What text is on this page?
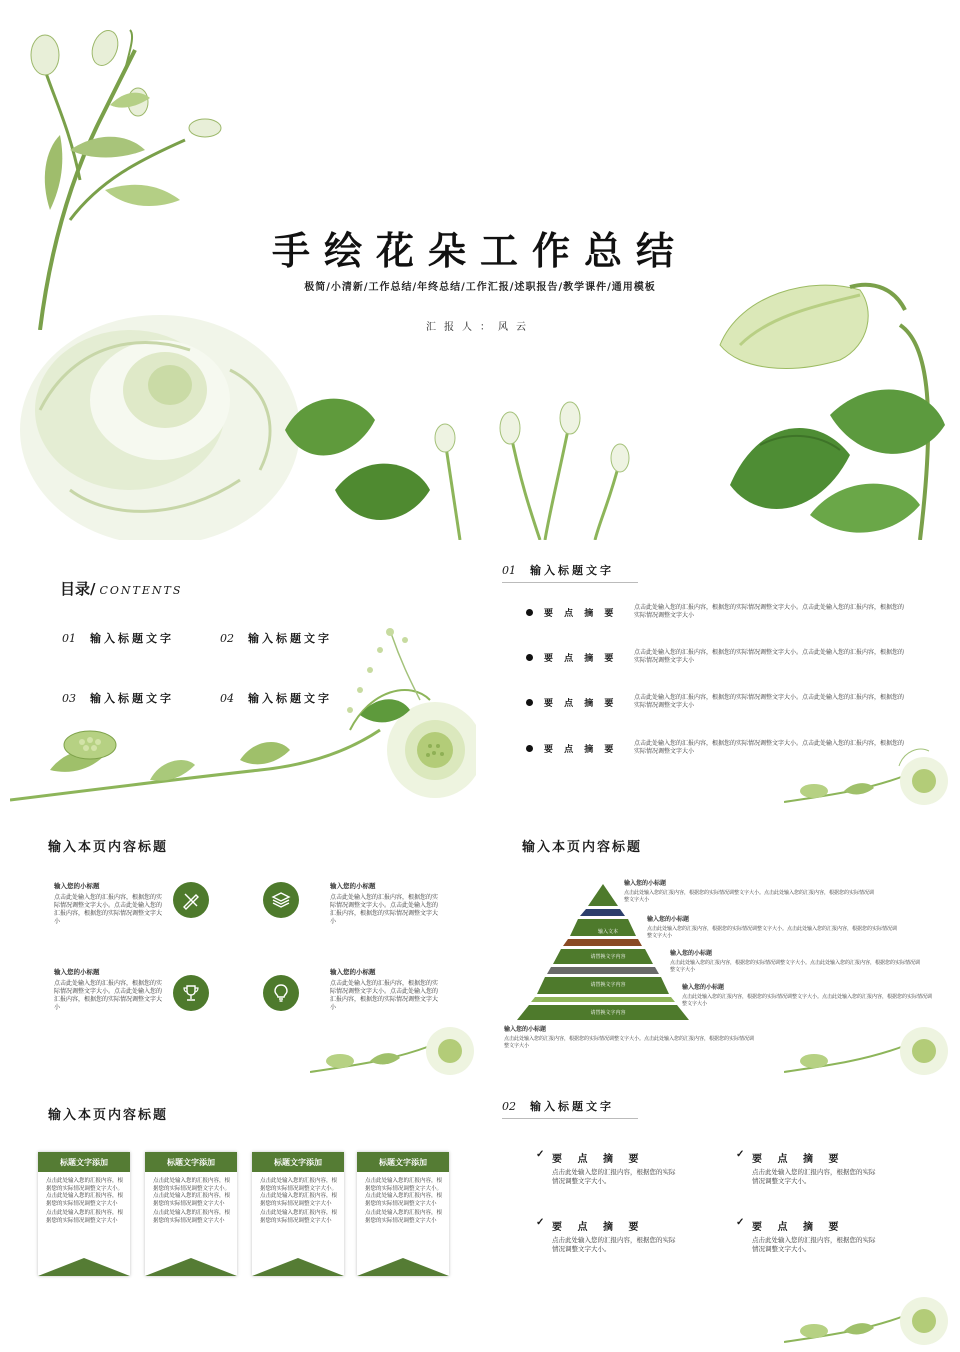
手绘花朵工作总结
极简/小清新/工作总结/年终总结/工作汇报/述职报告/教学课件/通用模板
汇报人：风云
目录/ CONTENTS
01 输入标题文字	02 输入标题文字
03 输入标题文字	04 输入标题文字
01 输入标题文字
要 点 摘 要
点击此处输入您的汇报内容，根据您的实际情况调整文字大小。点击此处输入您的汇报内容，根据您的实际情况调整文字大小
要 点 摘 要
点击此处输入您的汇报内容，根据您的实际情况调整文字大小。点击此处输入您的汇报内容，根据您的实际情况调整文字大小
要 点 摘 要
点击此处输入您的汇报内容，根据您的实际情况调整文字大小。点击此处输入您的汇报内容，根据您的实际情况调整文字大小
要 点 摘 要
点击此处输入您的汇报内容，根据您的实际情况调整文字大小。点击此处输入您的汇报内容，根据您的实际情况调整文字大小
输入本页内容标题
输入您的小标题
点击此处输入您的汇报内容，根据您的实际情况调整文字大小。点击此处输入您的汇报内容，根据您的实际情况调整文字大小
输入您的小标题
点击此处输入您的汇报内容，根据您的实际情况调整文字大小。点击此处输入您的汇报内容，根据您的实际情况调整文字大小
输入您的小标题
点击此处输入您的汇报内容，根据您的实际情况调整文字大小。点击此处输入您的汇报内容，根据您的实际情况调整文字大小
输入您的小标题
点击此处输入您的汇报内容，根据您的实际情况调整文字大小。点击此处输入您的汇报内容，根据您的实际情况调整文字大小
输入本页内容标题
输入文本
请替换文字内容
请替换文字内容
请替换文字内容
输入您的小标题
点击此处输入您的汇报内容，根据您的实际情况调整文字大小。点击此处输入您的汇报内容，根据您的实际情况调整文字大小
输入您的小标题
点击此处输入您的汇报内容，根据您的实际情况调整文字大小。点击此处输入您的汇报内容，根据您的实际情况调整文字大小
输入您的小标题
点击此处输入您的汇报内容，根据您的实际情况调整文字大小。点击此处输入您的汇报内容，根据您的实际情况调整文字大小
输入您的小标题
点击此处输入您的汇报内容，根据您的实际情况调整文字大小。点击此处输入您的汇报内容，根据您的实际情况调整文字大小
输入您的小标题
点击此处输入您的汇报内容，根据您的实际情况调整文字大小。点击此处输入您的汇报内容，根据您的实际情况调整文字大小
输入本页内容标题
标题文字添加
点击此处输入您的汇报内容，根据您的实际情况调整文字大小。点击此处输入您的汇报内容，根据您的实际情况调整文字大小
点击此处输入您的汇报内容，根据您的实际情况调整文字大小
标题文字添加
点击此处输入您的汇报内容，根据您的实际情况调整文字大小。点击此处输入您的汇报内容，根据您的实际情况调整文字大小
点击此处输入您的汇报内容，根据您的实际情况调整文字大小
标题文字添加
点击此处输入您的汇报内容，根据您的实际情况调整文字大小。点击此处输入您的汇报内容，根据您的实际情况调整文字大小
点击此处输入您的汇报内容，根据您的实际情况调整文字大小
标题文字添加
点击此处输入您的汇报内容，根据您的实际情况调整文字大小。点击此处输入您的汇报内容，根据您的实际情况调整文字大小
点击此处输入您的汇报内容，根据您的实际情况调整文字大小
02 输入标题文字
✓ 要 点 摘 要
点击此处输入您的汇报内容，根据您的实际情况调整文字大小。
✓ 要 点 摘 要
点击此处输入您的汇报内容，根据您的实际情况调整文字大小。
✓ 要 点 摘 要
点击此处输入您的汇报内容，根据您的实际情况调整文字大小。
✓ 要 点 摘 要
点击此处输入您的汇报内容，根据您的实际情况调整文字大小。
